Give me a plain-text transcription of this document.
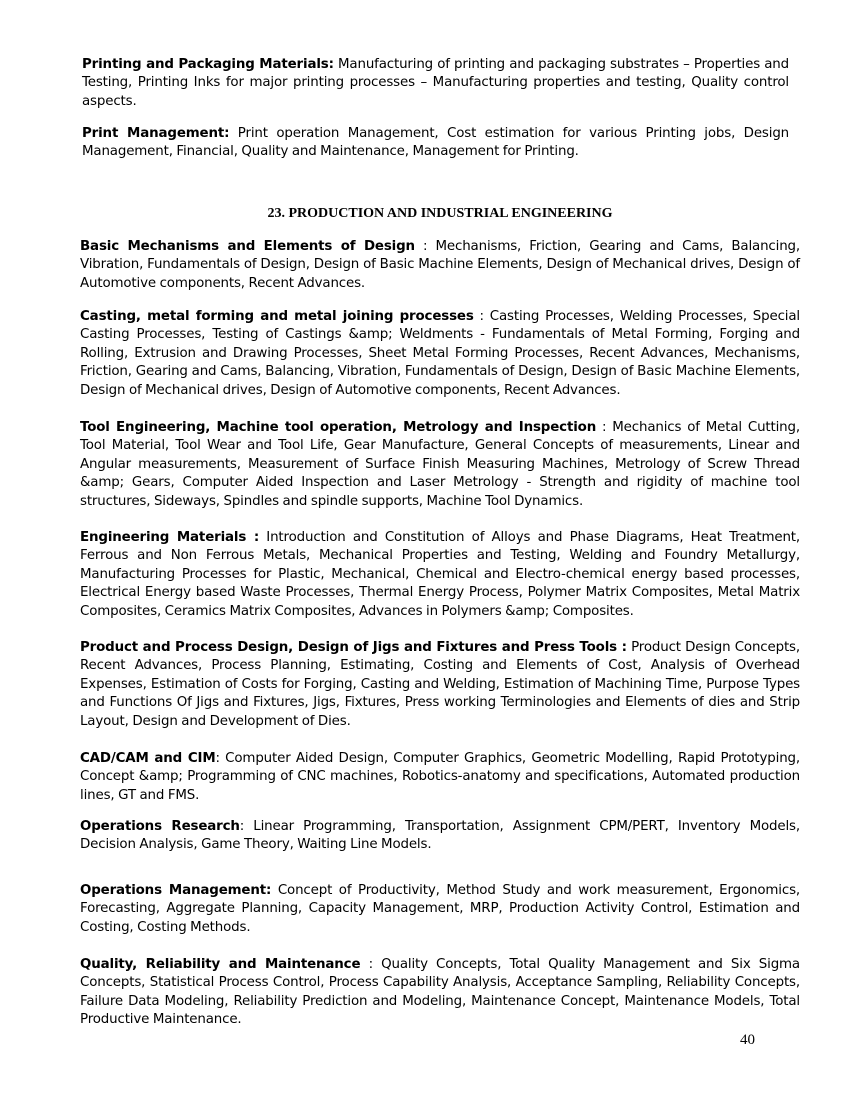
Printing and Packaging Materials: Manufacturing of printing and packaging substrates – Properties and Testing, Printing Inks for major printing processes – Manufacturing properties and testing, Quality control aspects.

Print Management: Print operation Management, Cost estimation for various Printing jobs, Design Management, Financial, Quality and Maintenance, Management for Printing.

23. PRODUCTION AND INDUSTRIAL ENGINEERING

Basic Mechanisms and Elements of Design : Mechanisms, Friction, Gearing and Cams, Balancing, Vibration, Fundamentals of Design, Design of Basic Machine Elements, Design of Mechanical drives, Design of Automotive components, Recent Advances.

Casting, metal forming and metal joining processes : Casting Processes, Welding Processes, Special Casting Processes, Testing of Castings &amp; Weldments - Fundamentals of Metal Forming, Forging and Rolling, Extrusion and Drawing Processes, Sheet Metal Forming Processes, Recent Advances, Mechanisms, Friction, Gearing and Cams, Balancing, Vibration, Fundamentals of Design, Design of Basic Machine Elements, Design of Mechanical drives, Design of Automotive components, Recent Advances.

Tool Engineering, Machine tool operation, Metrology and Inspection : Mechanics of Metal Cutting, Tool Material, Tool Wear and Tool Life, Gear Manufacture, General Concepts of measurements, Linear and Angular measurements, Measurement of Surface Finish Measuring Machines, Metrology of Screw Thread &amp; Gears, Computer Aided Inspection and Laser Metrology - Strength and rigidity of machine tool structures, Sideways, Spindles and spindle supports, Machine Tool Dynamics.

Engineering Materials : Introduction and Constitution of Alloys and Phase Diagrams, Heat Treatment, Ferrous and Non Ferrous Metals, Mechanical Properties and Testing, Welding and Foundry Metallurgy, Manufacturing Processes for Plastic, Mechanical, Chemical and Electro-chemical energy based processes, Electrical Energy based Waste Processes, Thermal Energy Process, Polymer Matrix Composites, Metal Matrix Composites, Ceramics Matrix Composites, Advances in Polymers &amp; Composites.

Product and Process Design, Design of Jigs and Fixtures and Press Tools : Product Design Concepts, Recent Advances, Process Planning, Estimating, Costing and Elements of Cost, Analysis of Overhead Expenses, Estimation of Costs for Forging, Casting and Welding, Estimation of Machining Time, Purpose Types and Functions Of Jigs and Fixtures, Jigs, Fixtures, Press working Terminologies and Elements of dies and Strip Layout, Design and Development of Dies.

CAD/CAM and CIM: Computer Aided Design, Computer Graphics, Geometric Modelling, Rapid Prototyping, Concept &amp; Programming of CNC machines, Robotics-anatomy and specifications, Automated production lines, GT and FMS.

Operations Research: Linear Programming, Transportation, Assignment CPM/PERT, Inventory Models, Decision Analysis, Game Theory, Waiting Line Models.

Operations Management: Concept of Productivity, Method Study and work measurement, Ergonomics, Forecasting, Aggregate Planning, Capacity Management, MRP, Production Activity Control, Estimation and Costing, Costing Methods.

Quality, Reliability and Maintenance : Quality Concepts, Total Quality Management and Six Sigma Concepts, Statistical Process Control, Process Capability Analysis, Acceptance Sampling, Reliability Concepts, Failure Data Modeling, Reliability Prediction and Modeling, Maintenance Concept, Maintenance Models, Total Productive Maintenance.

40
